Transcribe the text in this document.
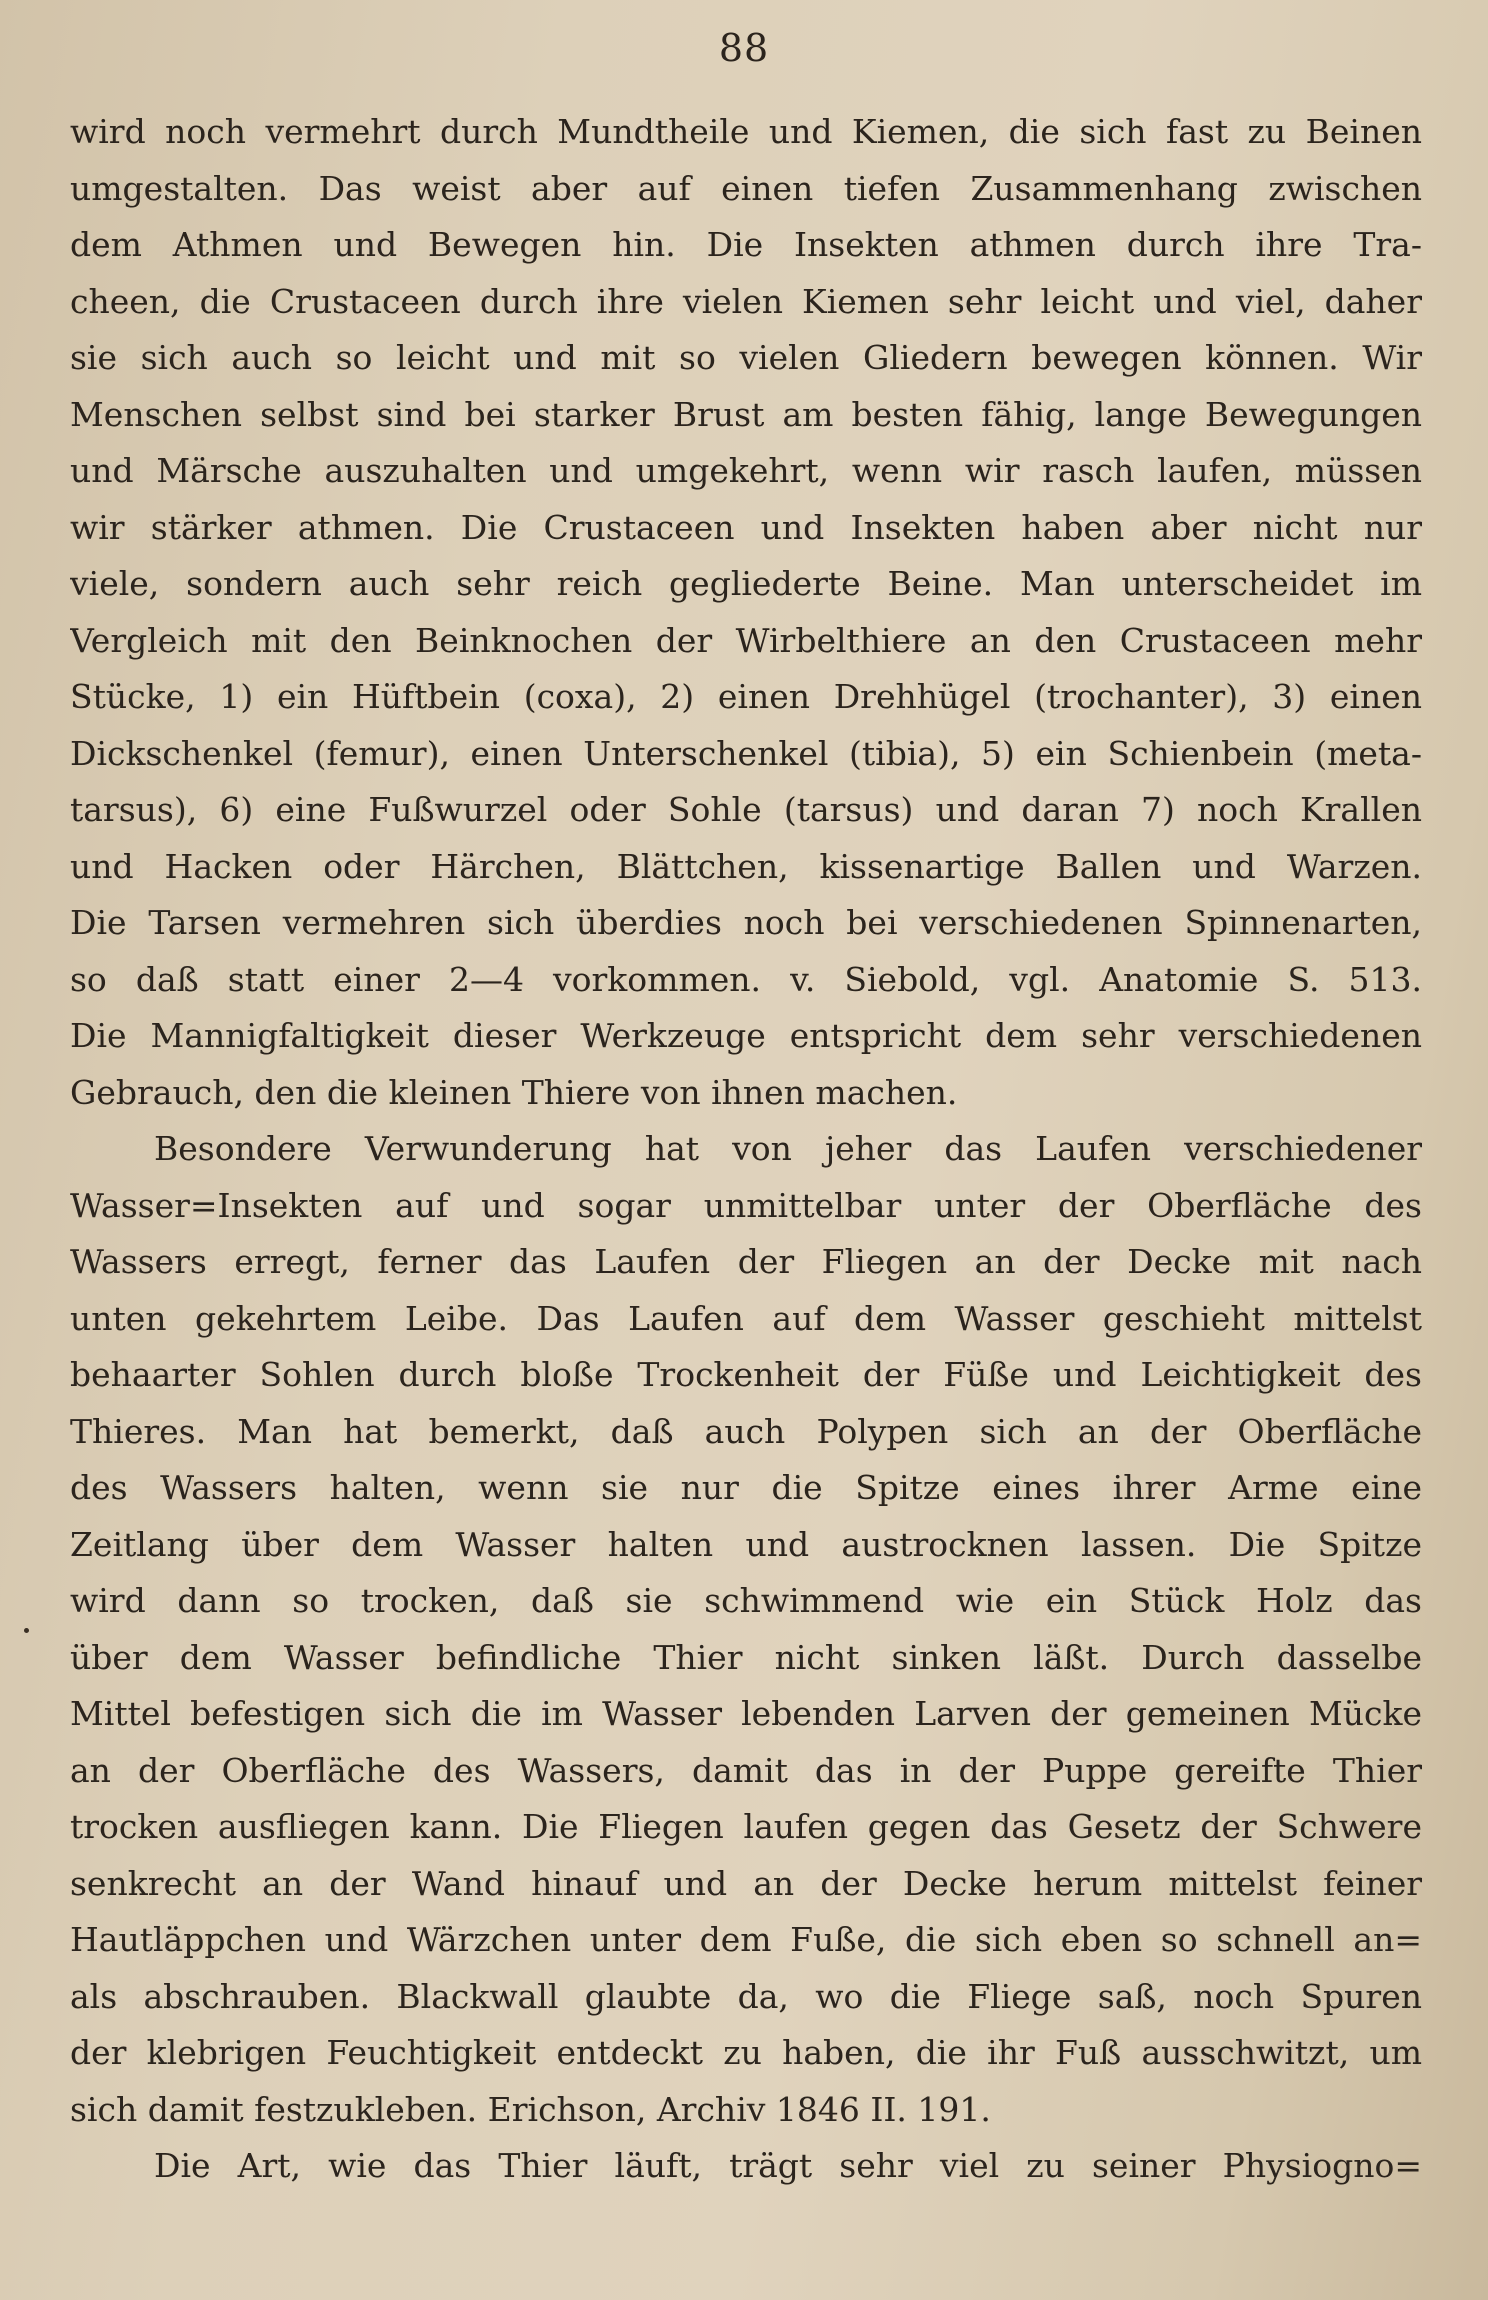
88

wird noch vermehrt durch Mundtheile und Kiemen, die sich fast zu Beinen
umgestalten. Das weist aber auf einen tiefen Zusammenhang zwischen
dem Athmen und Bewegen hin. Die Insekten athmen durch ihre Tra-
cheen, die Crustaceen durch ihre vielen Kiemen sehr leicht und viel, daher
sie sich auch so leicht und mit so vielen Gliedern bewegen können. Wir
Menschen selbst sind bei starker Brust am besten fähig, lange Bewegungen
und Märsche auszuhalten und umgekehrt, wenn wir rasch laufen, müssen
wir stärker athmen. Die Crustaceen und Insekten haben aber nicht nur
viele, sondern auch sehr reich gegliederte Beine. Man unterscheidet im
Vergleich mit den Beinknochen der Wirbelthiere an den Crustaceen mehr
Stücke, 1) ein Hüftbein (coxa), 2) einen Drehhügel (trochanter), 3) einen
Dickschenkel (femur), einen Unterschenkel (tibia), 5) ein Schienbein (meta-
tarsus), 6) eine Fußwurzel oder Sohle (tarsus) und daran 7) noch Krallen
und Hacken oder Härchen, Blättchen, kissenartige Ballen und Warzen.
Die Tarsen vermehren sich überdies noch bei verschiedenen Spinnenarten,
so daß statt einer 2—4 vorkommen. v. Siebold, vgl. Anatomie S. 513.
Die Mannigfaltigkeit dieser Werkzeuge entspricht dem sehr verschiedenen
Gebrauch, den die kleinen Thiere von ihnen machen.

Besondere Verwunderung hat von jeher das Laufen verschiedener
Wasser=Insekten auf und sogar unmittelbar unter der Oberfläche des
Wassers erregt, ferner das Laufen der Fliegen an der Decke mit nach
unten gekehrtem Leibe. Das Laufen auf dem Wasser geschieht mittelst
behaarter Sohlen durch bloße Trockenheit der Füße und Leichtigkeit des
Thieres. Man hat bemerkt, daß auch Polypen sich an der Oberfläche
des Wassers halten, wenn sie nur die Spitze eines ihrer Arme eine
Zeitlang über dem Wasser halten und austrocknen lassen. Die Spitze
wird dann so trocken, daß sie schwimmend wie ein Stück Holz das
über dem Wasser befindliche Thier nicht sinken läßt. Durch dasselbe
Mittel befestigen sich die im Wasser lebenden Larven der gemeinen Mücke
an der Oberfläche des Wassers, damit das in der Puppe gereifte Thier
trocken ausfliegen kann. Die Fliegen laufen gegen das Gesetz der Schwere
senkrecht an der Wand hinauf und an der Decke herum mittelst feiner
Hautläppchen und Wärzchen unter dem Fuße, die sich eben so schnell an=
als abschrauben. Blackwall glaubte da, wo die Fliege saß, noch Spuren
der klebrigen Feuchtigkeit entdeckt zu haben, die ihr Fuß ausschwitzt, um
sich damit festzukleben. Erichson, Archiv 1846 II. 191.

Die Art, wie das Thier läuft, trägt sehr viel zu seiner Physiogno=
